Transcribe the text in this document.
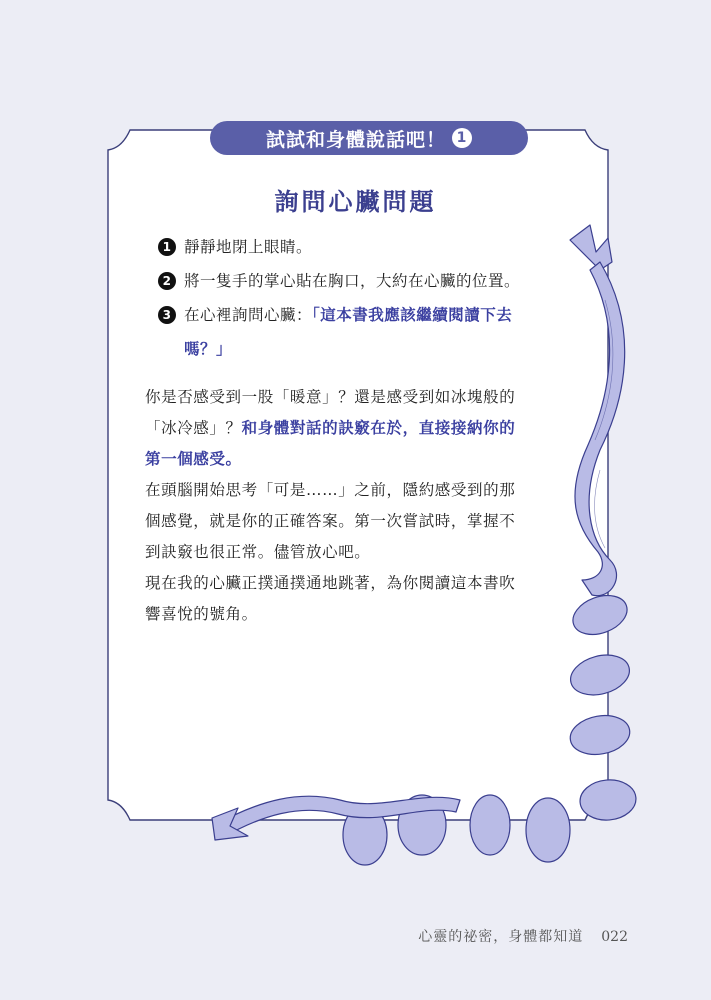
試試和身體說話吧！ 1
詢問心臟問題
1 靜靜地閉上眼睛。
2 將一隻手的掌心貼在胸口，大約在心臟的位置。
3 在心裡詢問心臟：「這本書我應該繼續閱讀下去
嗎？」

你是否感受到一股「暖意」？還是感受到如冰塊般的
「冰冷感」？和身體對話的訣竅在於，直接接納你的
第一個感受。

在頭腦開始思考「可是……」之前，隱約感受到的那
個感覺，就是你的正確答案。第一次嘗試時，掌握不
到訣竅也很正常。儘管放心吧。

現在我的心臟正撲通撲通地跳著，為你閱讀這本書吹
響喜悅的號角。

心靈的祕密，身體都知道 022
